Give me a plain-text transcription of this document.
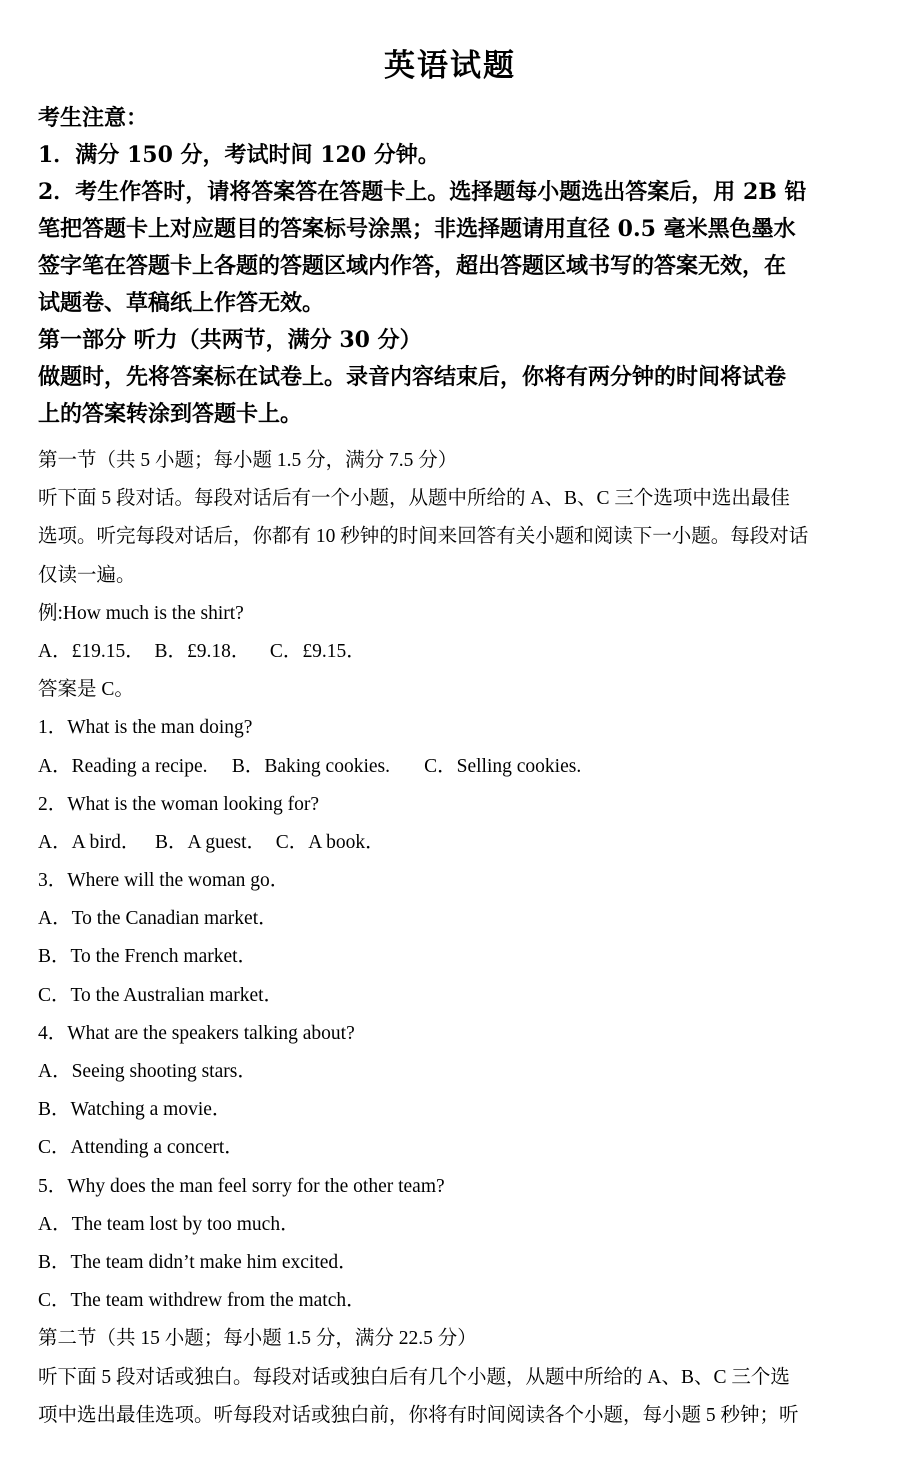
英语试题
考生注意：
1．满分 150 分，考试时间 120 分钟。
2．考生作答时，请将答案答在答题卡上。选择题每小题选出答案后，用 2B 铅
笔把答题卡上对应题目的答案标号涂黑；非选择题请用直径 0.5 毫米黑色墨水
签字笔在答题卡上各题的答题区域内作答，超出答题区域书写的答案无效，在
试题卷、草稿纸上作答无效。
第一部分 听力（共两节，满分 30 分）
做题时，先将答案标在试卷上。录音内容结束后，你将有两分钟的时间将试卷
上的答案转涂到答题卡上。
第一节（共 5 小题；每小题 1.5 分，满分 7.5 分）
听下面 5 段对话。每段对话后有一个小题，从题中所给的 A、B、C 三个选项中选出最佳
选项。听完每段对话后，你都有 10 秒钟的时间来回答有关小题和阅读下一小题。每段对话
仅读一遍。
例:How much is the shirt?
A．£19.15．  B．£9.18．    C．£9.15．
答案是 C。
1．What is the man doing?
A．Reading a recipe.     B．Baking cookies.       C．Selling cookies.
2．What is the woman looking for?
A．A bird．   B．A guest．  C．A book．
3．Where will the woman go．
A．To the Canadian market．
B．To the French market．
C．To the Australian market．
4．What are the speakers talking about?
A．Seeing shooting stars．
B．Watching a movie．
C．Attending a concert．
5．Why does the man feel sorry for the other team?
A．The team lost by too much．
B．The team didn’t make him excited．
C．The team withdrew from the match．
第二节（共 15 小题；每小题 1.5 分，满分 22.5 分）
听下面 5 段对话或独白。每段对话或独白后有几个小题，从题中所给的 A、B、C 三个选
项中选出最佳选项。听每段对话或独白前，你将有时间阅读各个小题，每小题 5 秒钟；听
